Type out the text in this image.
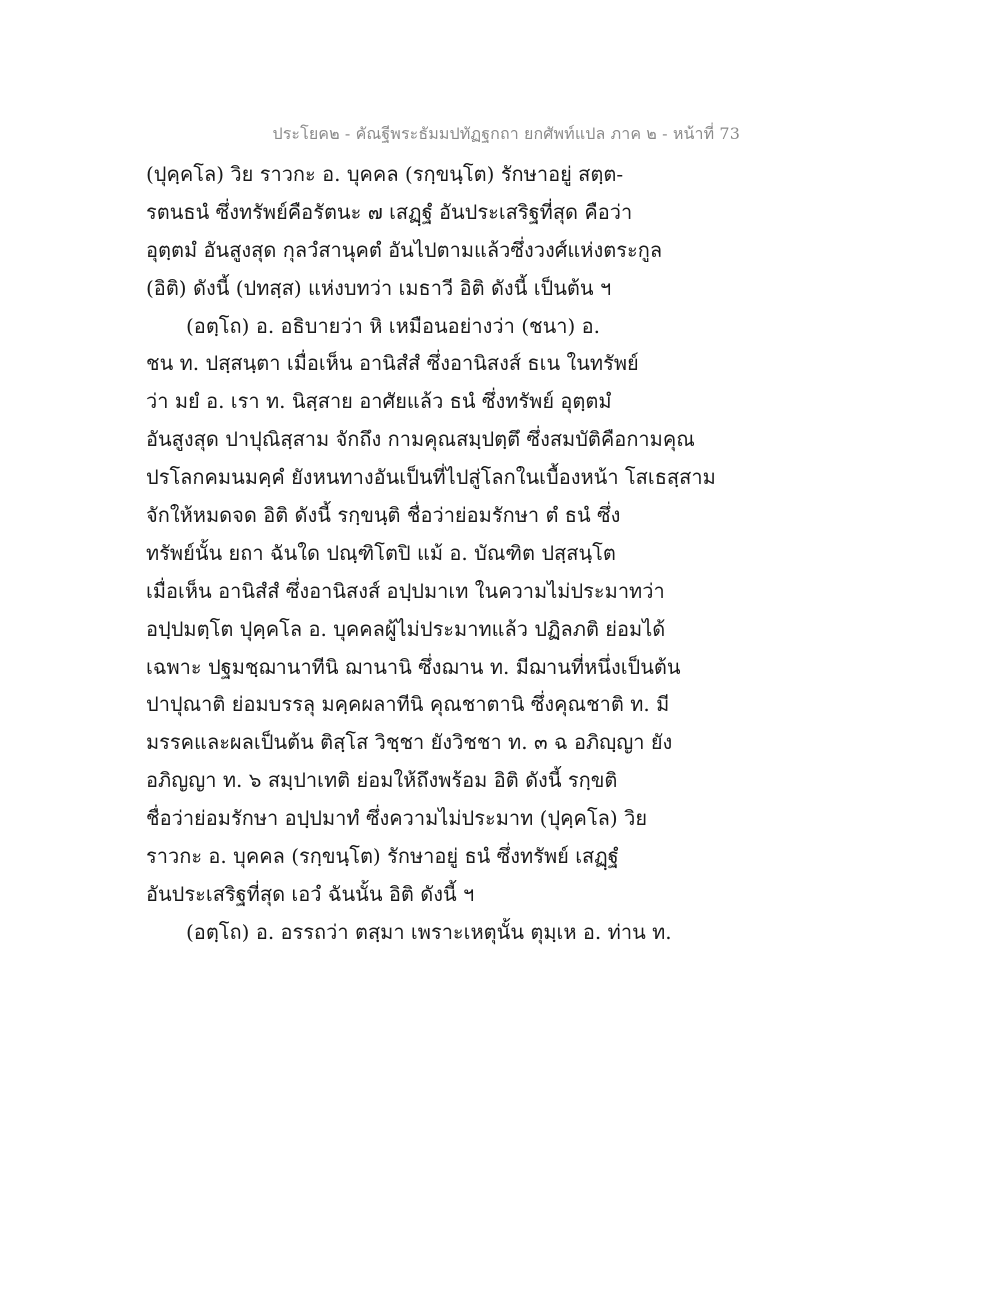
ประโยค๒ - คัณฐีพระธัมมปทัฏฐกถา ยกศัพท์แปล ภาค ๒ - หน้าที่ 73
(ปุคฺคโล) วิย ราวกะ อ. บุคคล (รกฺขนฺโต) รักษาอยู่ สตฺต-
รตนธนํ ซึ่งทรัพย์คือรัตนะ ๗ เสฏฺฐํ อันประเสริฐที่สุด คือว่า
อุตฺตมํ อันสูงสุด กุลวํสานุคตํ อันไปตามแล้วซึ่งวงศ์แห่งตระกูล
(อิติ) ดังนี้ (ปทสฺส) แห่งบทว่า เมธาวี อิติ ดังนี้ เป็นต้น ฯ
(อตฺโถ) อ. อธิบายว่า หิ เหมือนอย่างว่า (ชนา) อ.
ชน ท. ปสฺสนฺตา เมื่อเห็น อานิสํสํ ซึ่งอานิสงส์ ธเน ในทรัพย์
ว่า มยํ อ. เรา ท. นิสฺสาย อาศัยแล้ว ธนํ ซึ่งทรัพย์ อุตฺตมํ
อันสูงสุด ปาปุณิสฺสาม จักถึง กามคุณสมฺปตฺตึ ซึ่งสมบัติคือกามคุณ
ปรโลกคมนมคฺคํ ยังหนทางอันเป็นที่ไปสู่โลกในเบื้องหน้า โสเธสฺสาม
จักให้หมดจด อิติ ดังนี้ รกฺขนฺติ ชื่อว่าย่อมรักษา ตํ ธนํ ซึ่ง
ทรัพย์นั้น ยถา ฉันใด ปณฺฑิโตปิ แม้ อ. บัณฑิต ปสฺสนฺโต
เมื่อเห็น อานิสํสํ ซึ่งอานิสงส์ อปฺปมาเท ในความไม่ประมาทว่า
อปฺปมตฺโต ปุคฺคโล อ. บุคคลผู้ไม่ประมาทแล้ว ปฏิลภติ ย่อมได้
เฉพาะ ปฐมชฺฌานาทีนิ ฌานานิ ซึ่งฌาน ท. มีฌานที่หนึ่งเป็นต้น
ปาปุณาติ ย่อมบรรลุ มคฺคผลาทีนิ คุณชาตานิ ซึ่งคุณชาติ ท. มี
มรรคและผลเป็นต้น ติสฺโส วิชฺชา ยังวิชชา ท. ๓ ฉ อภิญฺญา ยัง
อภิญญา ท. ๖ สมฺปาเทติ ย่อมให้ถึงพร้อม อิติ ดังนี้ รกฺขติ
ชื่อว่าย่อมรักษา อปฺปมาทํ ซึ่งความไม่ประมาท (ปุคฺคโล) วิย
ราวกะ อ. บุคคล (รกฺขนฺโต) รักษาอยู่ ธนํ ซึ่งทรัพย์ เสฏฺฐํ
อันประเสริฐที่สุด เอวํ ฉันนั้น อิติ ดังนี้ ฯ
(อตฺโถ) อ. อรรถว่า ตสฺมา เพราะเหตุนั้น ตุมฺเห อ. ท่าน ท.
